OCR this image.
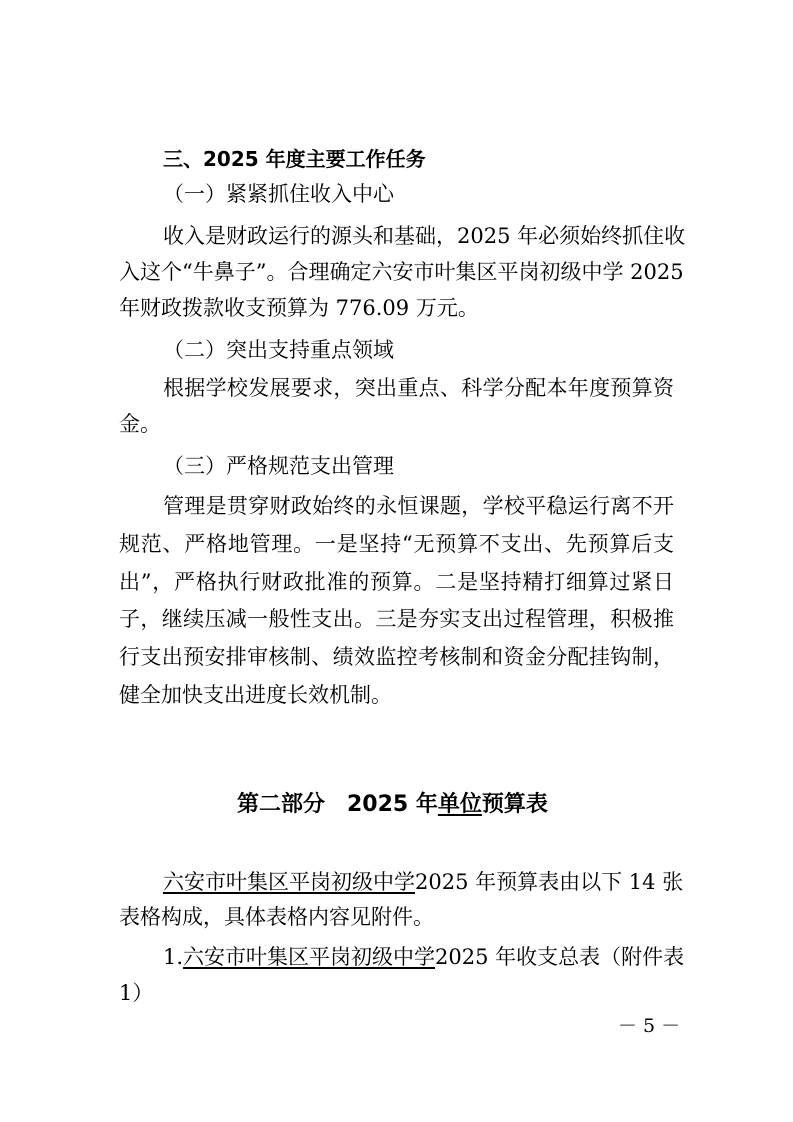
三、2025 年度主要工作任务
（一）紧紧抓住收入中心
收入是财政运行的源头和基础，2025 年必须始终抓住收
入这个“牛鼻子”。合理确定六安市叶集区平岗初级中学 2025
年财政拨款收支预算为 776.09 万元。
（二）突出支持重点领域
根据学校发展要求，突出重点、科学分配本年度预算资
金。
（三）严格规范支出管理
管理是贯穿财政始终的永恒课题，学校平稳运行离不开
规范、严格地管理。一是坚持“无预算不支出、先预算后支
出”，严格执行财政批准的预算。二是坚持精打细算过紧日
子，继续压减一般性支出。三是夯实支出过程管理，积极推
行支出预安排审核制、绩效监控考核制和资金分配挂钩制，
健全加快支出进度长效机制。
第二部分　2025 年单位预算表
六安市叶集区平岗初级中学2025 年预算表由以下 14 张
表格构成，具体表格内容见附件。
1.六安市叶集区平岗初级中学2025 年收支总表（附件表
1）
－ 5 －
